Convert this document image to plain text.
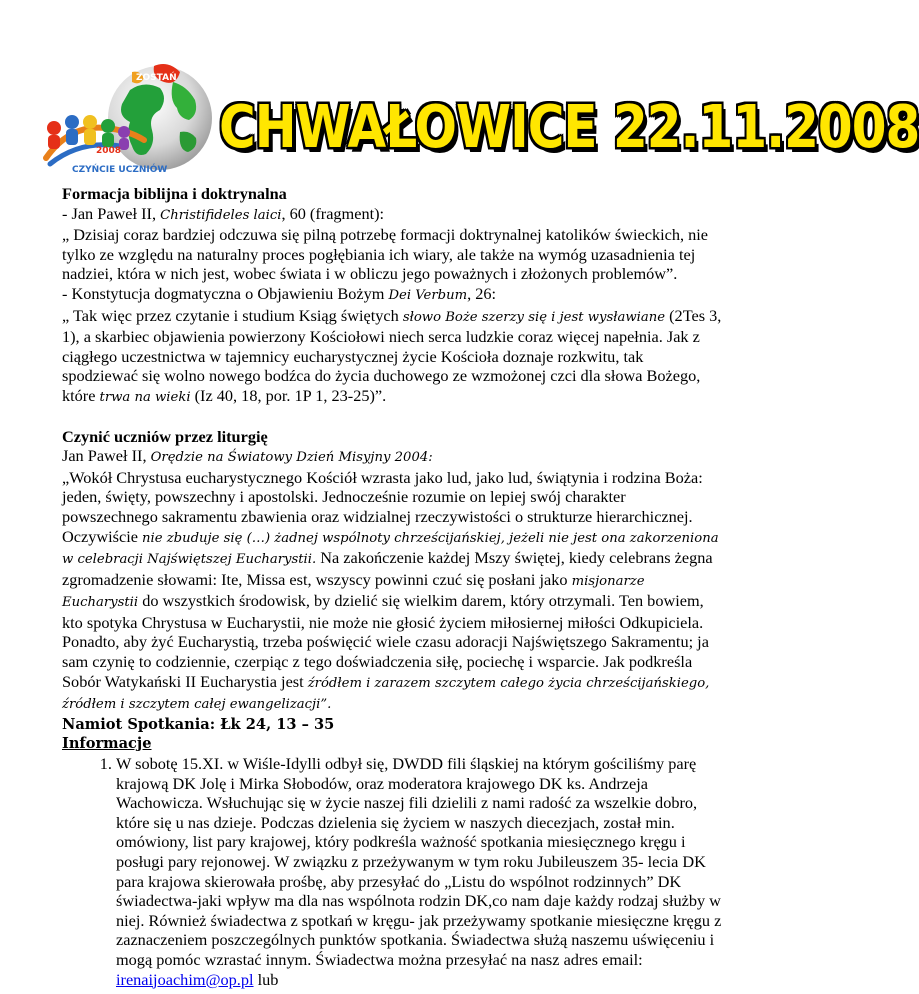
ZOSTAŃ
2008
CZYŃCIE UCZNIÓW
CHWAŁOWICE 22.11.2008

Formacja biblijna i doktrynalna

- Jan Paweł II, Christifideles laici, 60 (fragment):

„ Dzisiaj coraz bardziej odczuwa się pilną potrzebę formacji doktrynalnej katolików świeckich, nie tylko ze względu na naturalny proces pogłębiania ich wiary, ale także na wymóg uzasadnienia tej nadziei, która w nich jest, wobec świata i w obliczu jego poważnych i złożonych problemów”.

- Konstytucja dogmatyczna o Objawieniu Bożym Dei Verbum, 26:

„ Tak więc przez czytanie i studium Ksiąg świętych słowo Boże szerzy się i jest wysławiane (2Tes 3, 1), a skarbiec objawienia powierzony Kościołowi niech serca ludzkie coraz więcej napełnia. Jak z ciągłego uczestnictwa w tajemnicy eucharystycznej życie Kościoła doznaje rozkwitu, tak spodziewać się wolno nowego bodźca do życia duchowego ze wzmożonej czci dla słowa Bożego, które trwa na wieki (Iz 40, 18, por. 1P 1, 23-25)”.

Czynić uczniów przez liturgię

Jan Paweł II, Orędzie na Światowy Dzień Misyjny 2004:

„Wokół Chrystusa eucharystycznego Kościół wzrasta jako lud, jako lud, świątynia i rodzina Boża: jeden, święty, powszechny i apostolski. Jednocześnie rozumie on lepiej swój charakter powszechnego sakramentu zbawienia oraz widzialnej rzeczywistości o strukturze hierarchicznej. Oczywiście nie zbuduje się (…) żadnej wspólnoty chrześcijańskiej, jeżeli nie jest ona zakorzeniona w celebracji Najświętszej Eucharystii. Na zakończenie każdej Mszy świętej, kiedy celebrans żegna zgromadzenie słowami: Ite, Missa est, wszyscy powinni czuć się posłani jako misjonarze Eucharystii do wszystkich środowisk, by dzielić się wielkim darem, który otrzymali. Ten bowiem, kto spotyka Chrystusa w Eucharystii, nie może nie głosić życiem miłosiernej miłości Odkupiciela.

Ponadto, aby żyć Eucharystią, trzeba poświęcić wiele czasu adoracji Najświętszego Sakramentu; ja sam czynię to codziennie, czerpiąc z tego doświadczenia siłę, pociechę i wsparcie. Jak podkreśla Sobór Watykański II Eucharystia jest źródłem i zarazem szczytem całego życia chrześcijańskiego, źródłem i szczytem całej ewangelizacji”.

Namiot Spotkania: Łk 24, 13 – 35

Informacje

1. W sobotę 15.XI. w Wiśle-Idylli odbył się, DWDD fili śląskiej na którym gościliśmy parę krajową DK Jolę i Mirka Słobodów, oraz moderatora krajowego DK ks. Andrzeja Wachowicza. Wsłuchując się w życie naszej fili dzielili z nami radość za wszelkie dobro, które się u nas dzieje. Podczas dzielenia się życiem w naszych diecezjach, został min. omówiony, list pary krajowej, który podkreśla ważność spotkania miesięcznego kręgu i posługi pary rejonowej. W związku z przeżywanym w tym roku Jubileuszem 35- lecia DK para krajowa skierowała prośbę, aby przesyłać do „Listu do wspólnot rodzinnych” DK świadectwa-jaki wpływ ma dla nas wspólnota rodzin DK,co nam daje każdy rodzaj służby w niej. Również świadectwa z spotkań w kręgu- jak przeżywamy spotkanie miesięczne kręgu z zaznaczeniem poszczególnych punktów spotkania. Świadectwa służą naszemu uświęceniu i mogą pomóc wzrastać innym. Świadectwa można przesyłać na nasz adres email: irenaijoachim@op.pl lub
